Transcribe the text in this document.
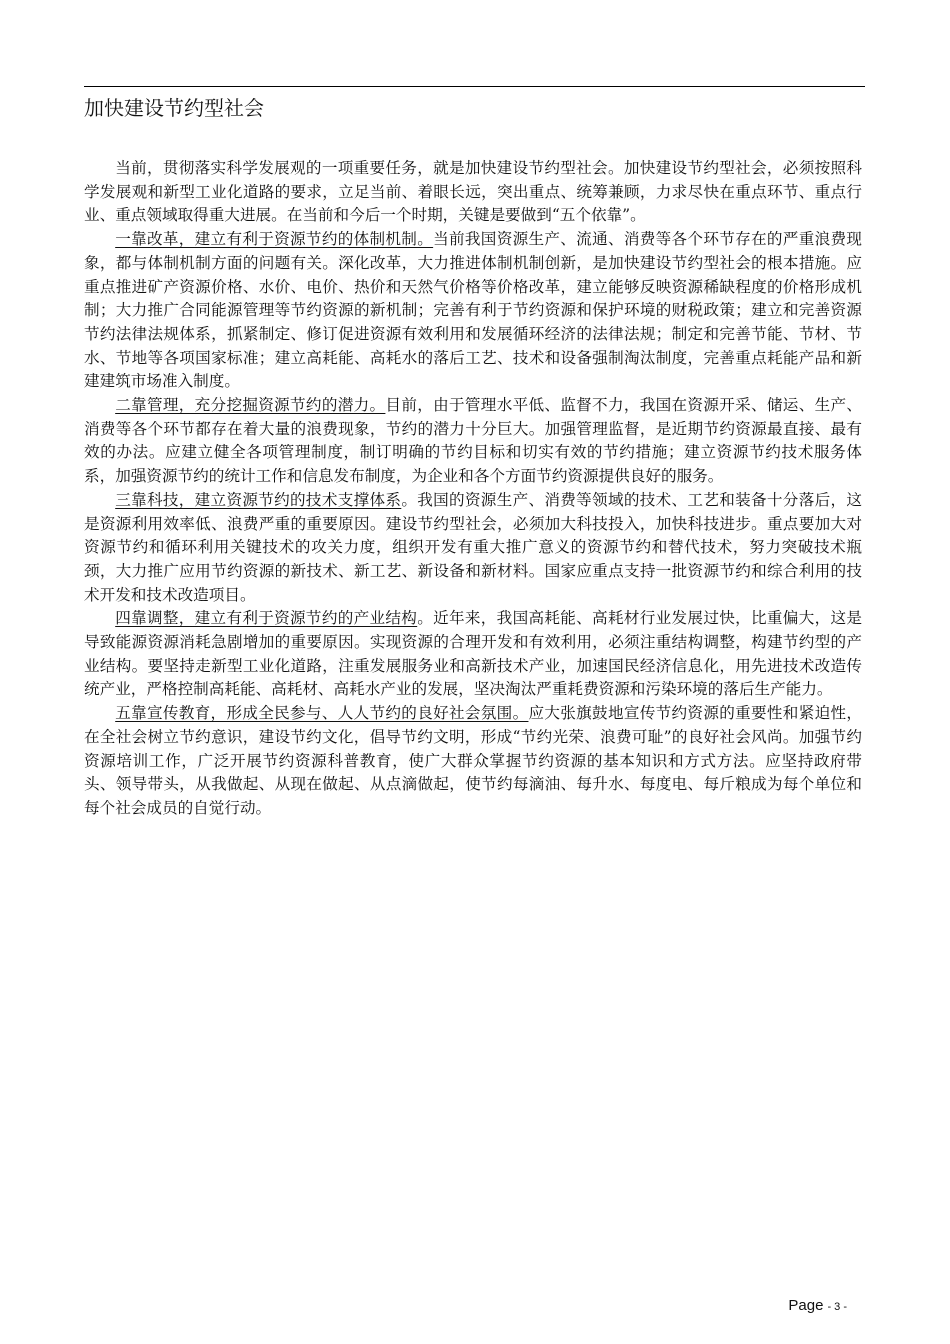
加快建设节约型社会

当前，贯彻落实科学发展观的一项重要任务，就是加快建设节约型社会。加快建设节约型社会，必须按照科学发展观和新型工业化道路的要求，立足当前、着眼长远，突出重点、统筹兼顾，力求尽快在重点环节、重点行业、重点领域取得重大进展。在当前和今后一个时期，关键是要做到“五个依靠”。

一靠改革，建立有利于资源节约的体制机制。当前我国资源生产、流通、消费等各个环节存在的严重浪费现象，都与体制机制方面的问题有关。深化改革，大力推进体制机制创新，是加快建设节约型社会的根本措施。应重点推进矿产资源价格、水价、电价、热价和天然气价格等价格改革，建立能够反映资源稀缺程度的价格形成机制；大力推广合同能源管理等节约资源的新机制；完善有利于节约资源和保护环境的财税政策；建立和完善资源节约法律法规体系，抓紧制定、修订促进资源有效利用和发展循环经济的法律法规；制定和完善节能、节材、节水、节地等各项国家标准；建立高耗能、高耗水的落后工艺、技术和设备强制淘汰制度，完善重点耗能产品和新建建筑市场准入制度。

二靠管理，充分挖掘资源节约的潜力。目前，由于管理水平低、监督不力，我国在资源开采、储运、生产、消费等各个环节都存在着大量的浪费现象，节约的潜力十分巨大。加强管理监督，是近期节约资源最直接、最有效的办法。应建立健全各项管理制度，制订明确的节约目标和切实有效的节约措施；建立资源节约技术服务体系，加强资源节约的统计工作和信息发布制度，为企业和各个方面节约资源提供良好的服务。

三靠科技，建立资源节约的技术支撑体系。我国的资源生产、消费等领域的技术、工艺和装备十分落后，这是资源利用效率低、浪费严重的重要原因。建设节约型社会，必须加大科技投入，加快科技进步。重点要加大对资源节约和循环利用关键技术的攻关力度，组织开发有重大推广意义的资源节约和替代技术，努力突破技术瓶颈，大力推广应用节约资源的新技术、新工艺、新设备和新材料。国家应重点支持一批资源节约和综合利用的技术开发和技术改造项目。

四靠调整，建立有利于资源节约的产业结构。近年来，我国高耗能、高耗材行业发展过快，比重偏大，这是导致能源资源消耗急剧增加的重要原因。实现资源的合理开发和有效利用，必须注重结构调整，构建节约型的产业结构。要坚持走新型工业化道路，注重发展服务业和高新技术产业，加速国民经济信息化，用先进技术改造传统产业，严格控制高耗能、高耗材、高耗水产业的发展，坚决淘汰严重耗费资源和污染环境的落后生产能力。

五靠宣传教育，形成全民参与、人人节约的良好社会氛围。应大张旗鼓地宣传节约资源的重要性和紧迫性，在全社会树立节约意识，建设节约文化，倡导节约文明，形成“节约光荣、浪费可耻”的良好社会风尚。加强节约资源培训工作，广泛开展节约资源科普教育，使广大群众掌握节约资源的基本知识和方式方法。应坚持政府带头、领导带头，从我做起、从现在做起、从点滴做起，使节约每滴油、每升水、每度电、每斤粮成为每个单位和每个社会成员的自觉行动。

Page - 3 -
